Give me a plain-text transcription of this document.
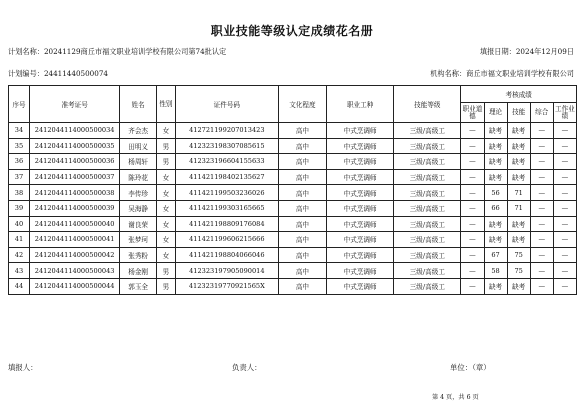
职业技能等级认定成绩花名册
计划名称：20241129商丘市福文职业培训学校有限公司第74批认定	填报日期：2024年12月09日
计划编号：24411440500074	机构名称：商丘市福文职业培训学校有限公司
序号	准考证号	姓名	性别	证件号码	文化程度	职业工种	技能等级	考核成绩				
								职业道德	理论	技能	综合	工作业绩
34	2412044114000500034	齐会杰	女	412721199207013423	高中	中式烹调师	三级/高级工	—	缺考	缺考	—	—
35	2412044114000500035	田明义	男	412323198307085615	高中	中式烹调师	三级/高级工	—	缺考	缺考	—	—
36	2412044114000500036	杨周轩	男	412323196604155633	高中	中式烹调师	三级/高级工	—	缺考	缺考	—	—
37	2412044114000500037	陈玲花	女	411421198402135627	高中	中式烹调师	三级/高级工	—	缺考	缺考	—	—
38	2412044114000500038	李传珍	女	411421199503236026	高中	中式烹调师	三级/高级工	—	56	71	—	—
39	2412044114000500039	吴海静	女	411421199303165665	高中	中式烹调师	三级/高级工	—	66	71	—	—
40	2412044114000500040	谢良荣	女	411421198809176084	高中	中式烹调师	三级/高级工	—	缺考	缺考	—	—
41	2412044114000500041	张梦珂	女	411421199606215666	高中	中式烹调师	三级/高级工	—	缺考	缺考	—	—
42	2412044114000500042	张秀粉	女	411421198804066046	高中	中式烹调师	三级/高级工	—	67	75	—	—
43	2412044114000500043	杨金刚	男	412323197905090014	高中	中式烹调师	三级/高级工	—	58	75	—	—
44	2412044114000500044	郭玉全	男	41232319770921565X	高中	中式烹调师	三级/高级工	—	缺考	缺考	—	—
填报人：	负责人：	单位：（章）
第 4 页，共 6 页
